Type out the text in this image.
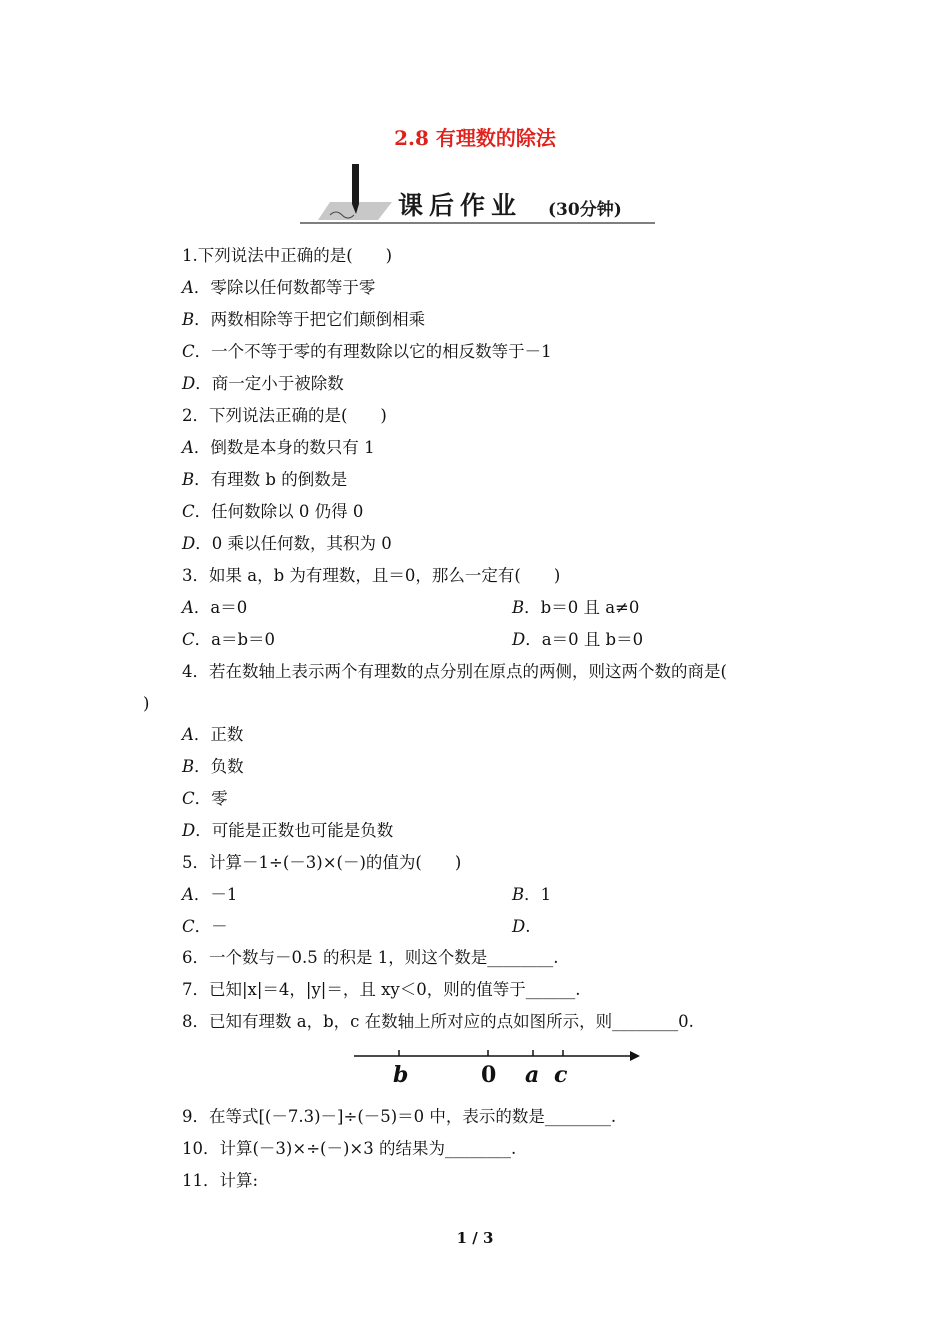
2.8 有理数的除法
课后作业 (30分钟)
1.下列说法中正确的是(　　)
A．零除以任何数都等于零
B．两数相除等于把它们颠倒相乘
C．一个不等于零的有理数除以它的相反数等于－1
D．商一定小于被除数
2．下列说法正确的是(　　)
A．倒数是本身的数只有 1
B．有理数 b 的倒数是
C．任何数除以 0 仍得 0
D．0 乘以任何数，其积为 0
3．如果 a，b 为有理数，且＝0，那么一定有(　　)
A．a＝0	B．b＝0 且 a≠0
C．a＝b＝0	D．a＝0 且 b＝0
4．若在数轴上表示两个有理数的点分别在原点的两侧，则这两个数的商是(
)
A．正数
B．负数
C．零
D．可能是正数也可能是负数
5．计算－1÷(－3)×(－)的值为(　　)
A．－1	B．1
C．－	D.
6．一个数与－0.5 的积是 1，则这个数是________.
7．已知|x|＝4，|y|＝，且 xy＜0，则的值等于______.
8．已知有理数 a，b，c 在数轴上所对应的点如图所示，则________0.
b	0 a c
9．在等式[(－7.3)－]÷(－5)＝0 中，表示的数是________.
10．计算(－3)×÷(－)×3 的结果为________.
11．计算:
1 / 3
